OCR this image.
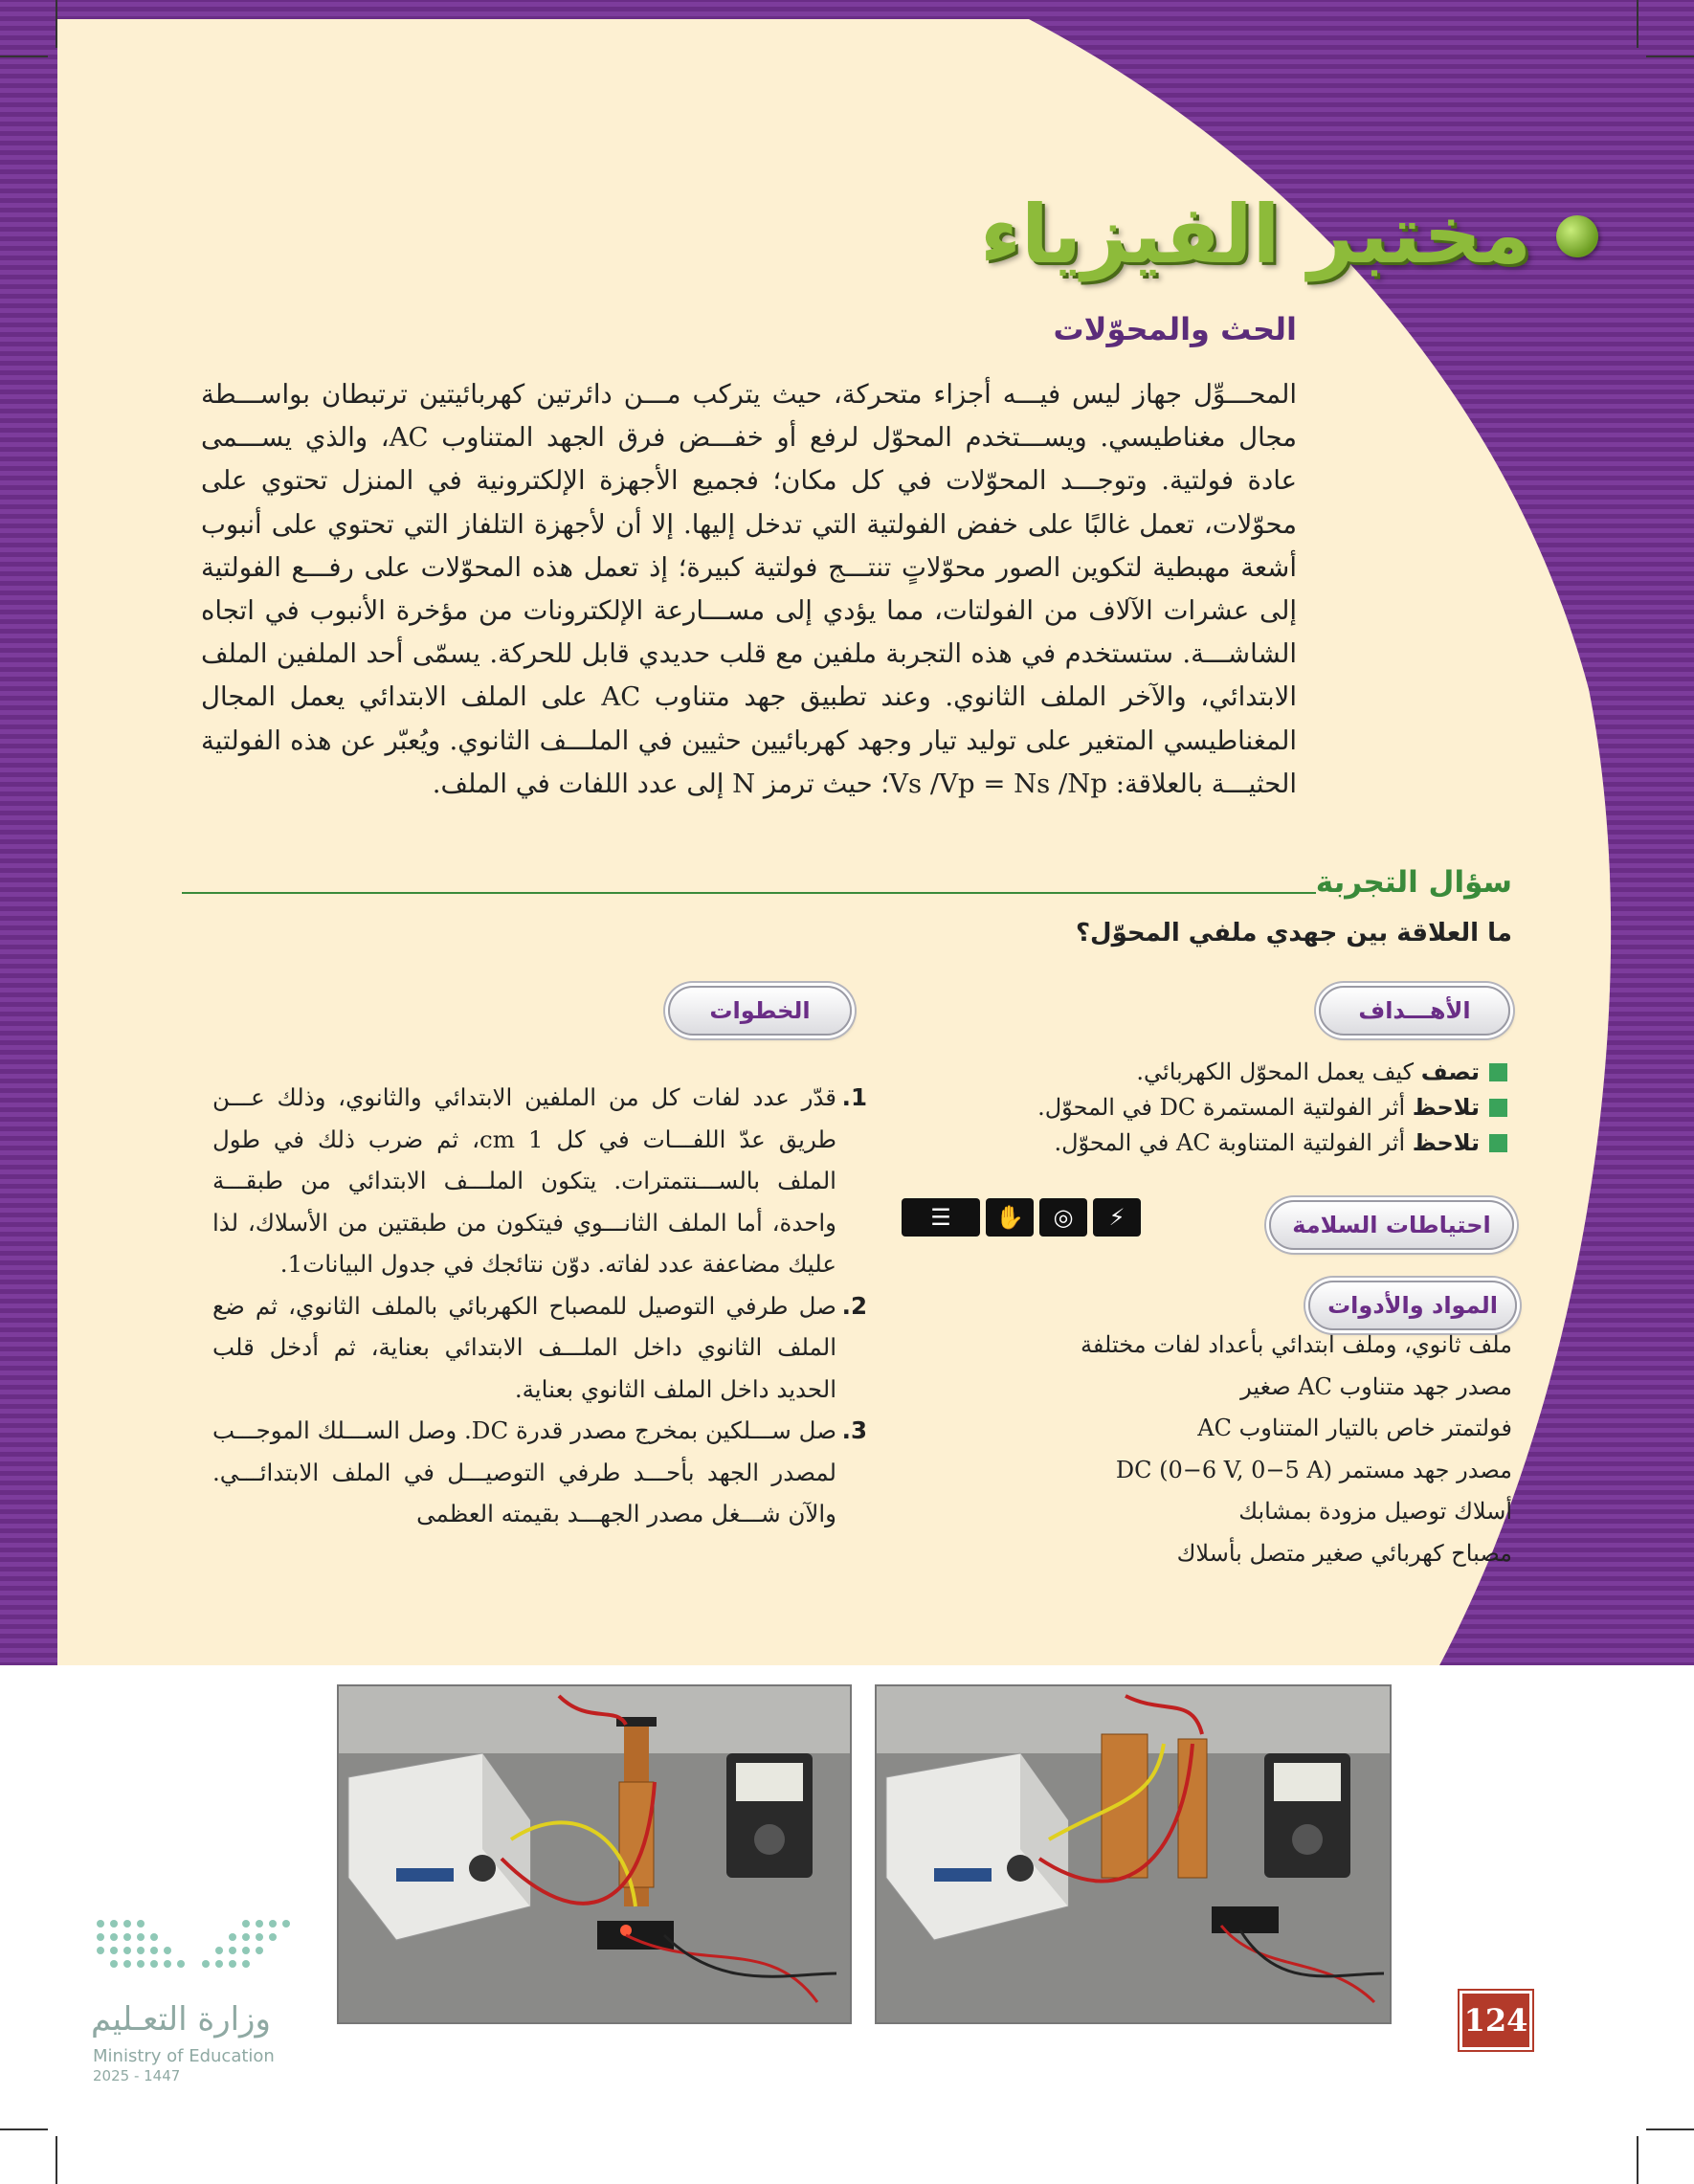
مختبر الفيزياء
الحث والمحوّلات
المحـــوِّل جهاز ليس فيـــه أجزاء متحركة، حيث يتركب مـــن دائرتين كهربائيتين ترتبطان بواســـطة مجال مغناطيسي. ويســـتخدم المحوّل لرفع أو خفـــض فرق الجهد المتناوب AC، والذي يســـمى عادة فولتية. وتوجـــد المحوّلات في كل مكان؛ فجميع الأجهزة الإلكترونية في المنزل تحتوي على محوّلات، تعمل غالبًا على خفض الفولتية التي تدخل إليها. إلا أن لأجهزة التلفاز التي تحتوي على أنبوب أشعة مهبطية لتكوين الصور محوّلاتٍ تنتـــج فولتية كبيرة؛ إذ تعمل هذه المحوّلات على رفـــع الفولتية إلى عشرات الآلاف من الفولتات، مما يؤدي إلى مســـارعة الإلكترونات من مؤخرة الأنبوب في اتجاه الشاشـــة. ستستخدم في هذه التجربة ملفين مع قلب حديدي قابل للحركة. يسمّى أحد الملفين الملف الابتدائي، والآخر الملف الثانوي. وعند تطبيق جهد متناوب AC على الملف الابتدائي يعمل المجال المغناطيسي المتغير على توليد تيار وجهد كهربائيين حثيين في الملـــف الثانوي. ويُعبّر عن هذه الفولتية الحثيـــة بالعلاقة: Vs /Vp = Ns /Np؛ حيث ترمز N إلى عدد اللفات في الملف.
سؤال التجربة
ما العلاقة بين جهدي ملفي المحوّل؟
الأهـــداف
تصف كيف يعمل المحوّل الكهربائي.
تلاحظ أثر الفولتية المستمرة DC في المحوّل.
تلاحظ أثر الفولتية المتناوبة AC في المحوّل.
احتياطات السلامة
☰	✋	◎	⚡
المواد والأدوات
ملف ثانوي، وملف ابتدائي بأعداد لفات مختلفة
مصدر جهد متناوب AC صغير
فولتمتر خاص بالتيار المتناوب AC
مصدر جهد مستمر DC (0−6 V, 0−5 A)
أسلاك توصيل مزودة بمشابك
مصباح كهربائي صغير متصل بأسلاك
الخطوات
1.
قدّر عدد لفات كل من الملفين الابتدائي والثانوي، وذلك عـــن طريق عدّ اللفـــات في كل 1 cm، ثم ضرب ذلك في طول الملف بالســـنتمترات. يتكون الملـــف الابتدائي من طبقـــة واحدة، أما الملف الثانـــوي فيتكون من طبقتين من الأسلاك، لذا عليك مضاعفة عدد لفاته. دوّن نتائجك في جدول البيانات1.
2.
صل طرفي التوصيل للمصباح الكهربائي بالملف الثانوي، ثم ضع الملف الثانوي داخل الملـــف الابتدائي بعناية، ثم أدخل قلب الحديد داخل الملف الثانوي بعناية.
3.
صل ســـلكين بمخرج مصدر قدرة DC. وصل الســـلك الموجـــب لمصدر الجهد بأحـــد طرفي التوصيـــل في الملف الابتدائـــي. والآن شـــغل مصدر الجهـــد بقيمته العظمى
وزارة التعـليم
Ministry of Education
2025 - 1447
124
